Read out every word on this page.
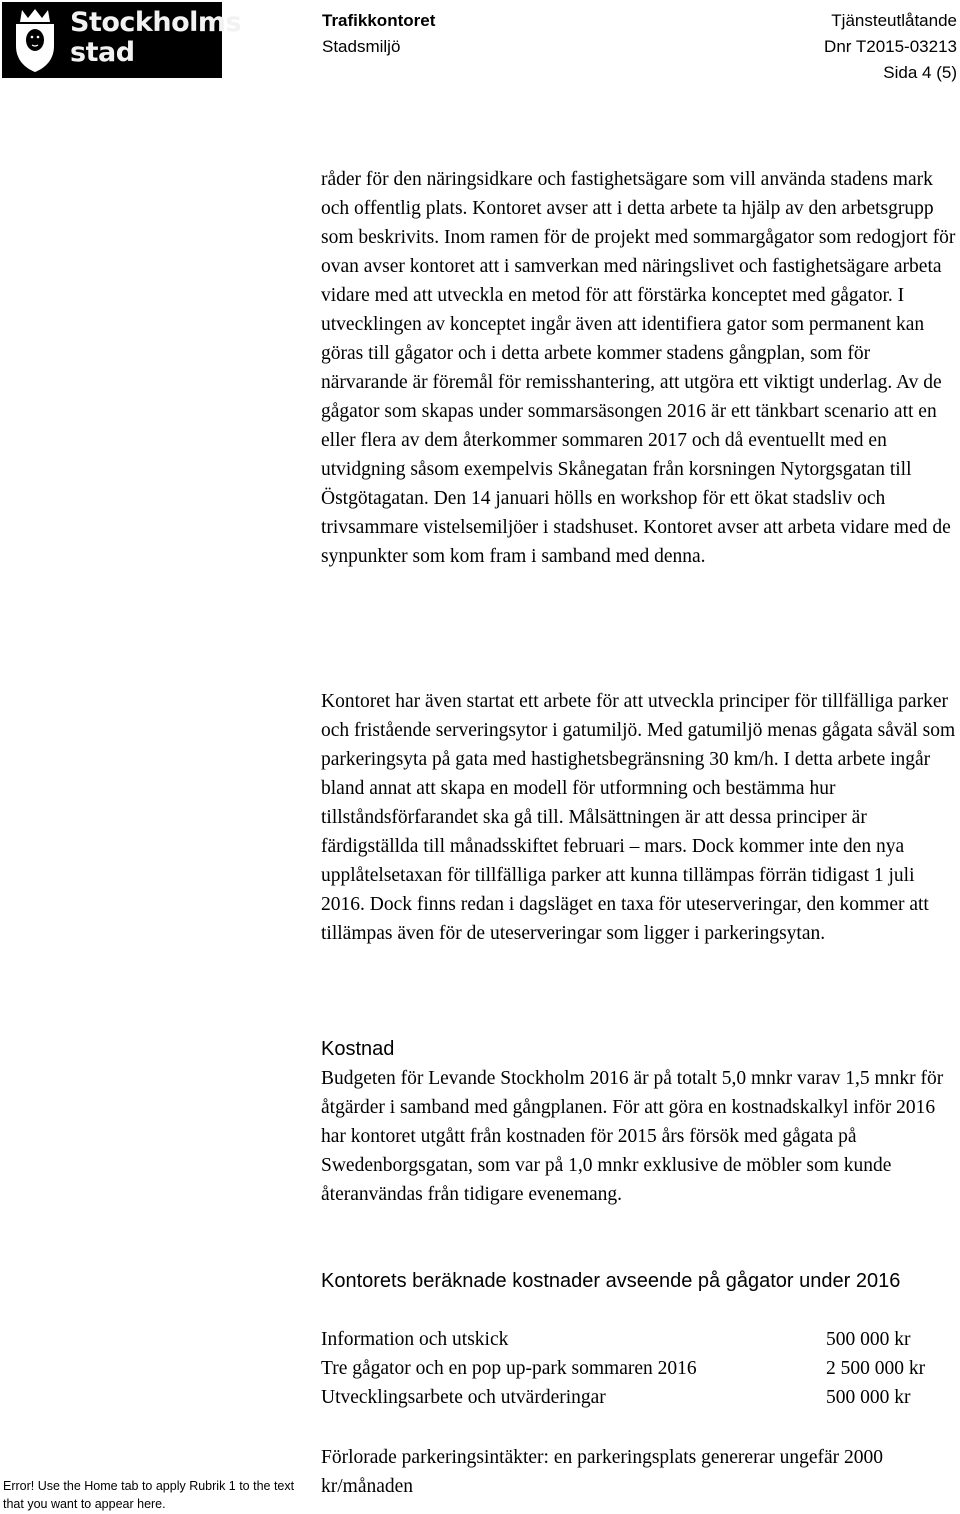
Stockholms
stad
Trafikkontoret
Stadsmiljö
Tjänsteutlåtande
Dnr T2015-03213
Sida 4 (5)

råder för den näringsidkare och fastighetsägare som vill använda stadens mark och offentlig plats. Kontoret avser att i detta arbete ta hjälp av den arbetsgrupp som beskrivits. Inom ramen för de projekt med sommargågator som redogjort för ovan avser kontoret att i samverkan med näringslivet och fastighetsägare arbeta vidare med att utveckla en metod för att förstärka konceptet med gågator. I utvecklingen av konceptet ingår även att identifiera gator som permanent kan göras till gågator och i detta arbete kommer stadens gångplan, som för närvarande är föremål för remisshantering, att utgöra ett viktigt underlag. Av de gågator som skapas under sommarsäsongen 2016 är ett tänkbart scenario att en eller flera av dem återkommer sommaren 2017 och då eventuellt med en utvidgning såsom exempelvis Skånegatan från korsningen Nytorgsgatan till Östgötagatan. Den 14 januari hölls en workshop för ett ökat stadsliv och trivsammare vistelsemiljöer i stadshuset. Kontoret avser att arbeta vidare med de synpunkter som kom fram i samband med denna.

Kontoret har även startat ett arbete för att utveckla principer för tillfälliga parker och fristående serveringsytor i gatumiljö. Med gatumiljö menas gågata såväl som parkeringsyta på gata med hastighetsbegränsning 30 km/h. I detta arbete ingår bland annat att skapa en modell för utformning och bestämma hur tillståndsförfarandet ska gå till. Målsättningen är att dessa principer är färdigställda till månadsskiftet februari – mars. Dock kommer inte den nya upplåtelsetaxan för tillfälliga parker att kunna tillämpas förrän tidigast 1 juli 2016. Dock finns redan i dagsläget en taxa för uteserveringar, den kommer att tillämpas även för de uteserveringar som ligger i parkeringsytan.

Kostnad

Budgeten för Levande Stockholm 2016 är på totalt 5,0 mnkr varav 1,5 mnkr för åtgärder i samband med gångplanen. För att göra en kostnadskalkyl inför 2016 har kontoret utgått från kostnaden för 2015 års försök med gågata på Swedenborgsgatan, som var på 1,0 mnkr exklusive de möbler som kunde återanvändas från tidigare evenemang.

Kontorets beräknade kostnader avseende på gågator under 2016
Information och utskick	500 000 kr
Tre gågator och en pop up-park sommaren 2016	2 500 000 kr
Utvecklingsarbete och utvärderingar	500 000 kr

Förlorade parkeringsintäkter: en parkeringsplats genererar ungefär 2000 kr/månaden

Error! Use the Home tab to apply Rubrik 1 to the text that you want to appear here.
